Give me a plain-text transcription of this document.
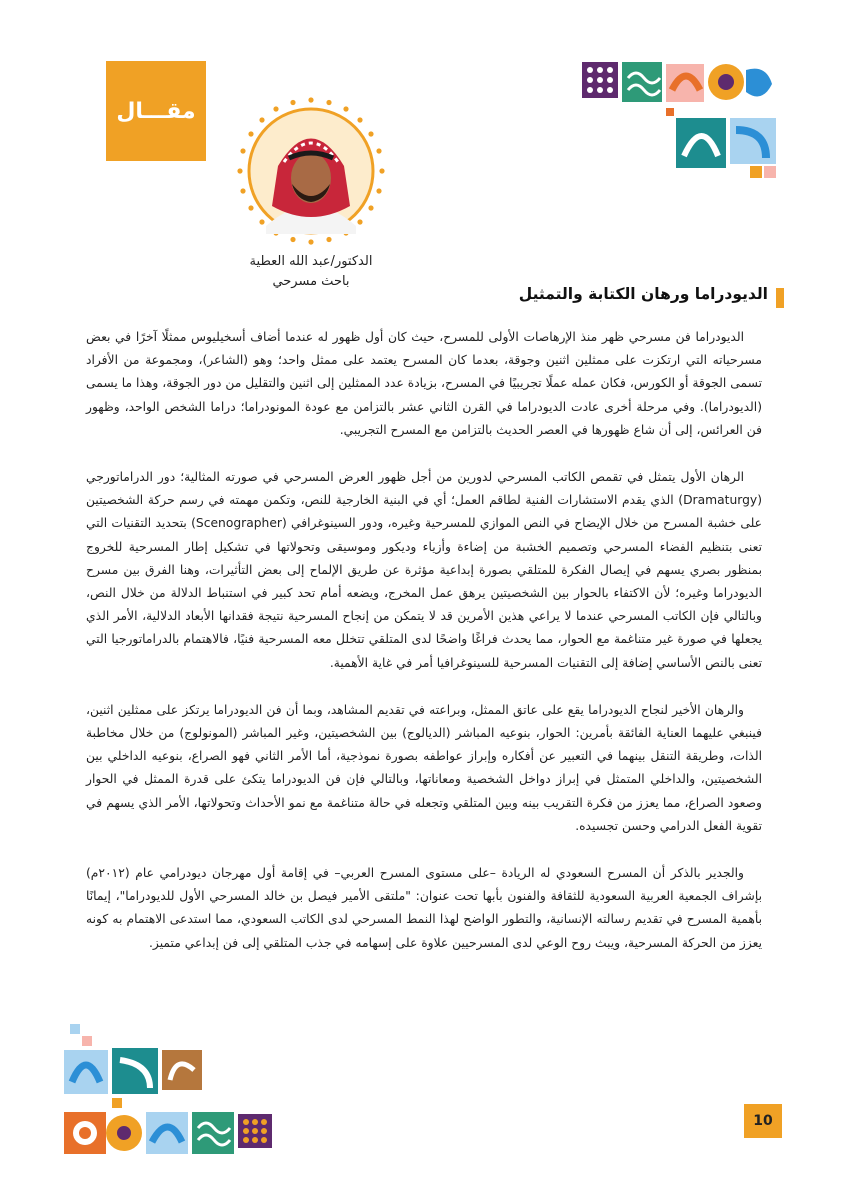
مقـــال
الدكتور/عبد الله العطية
باحث مسرحي
الديودراما ورهان الكتابة والتمثيل

الديودراما فن مسرحي ظهر منذ الإرهاصات الأولى للمسرح، حيث كان أول ظهور له عندما أضاف أسخيليوس ممثلًا آخرًا في بعض مسرحياته التي ارتكزت على ممثلين اثنين وجوقة، بعدما كان المسرح يعتمد على ممثل واحد؛ وهو (الشاعر)، ومجموعة من الأفراد تسمى الجوقة أو الكورس، فكان عمله عملًا تجريبيًا في المسرح، بزيادة عدد الممثلين إلى اثنين والتقليل من دور الجوقة، وهذا ما يسمى (الديودراما). وفي مرحلة أخرى عادت الديودراما في القرن الثاني عشر بالتزامن مع عودة المونودراما؛ دراما الشخص الواحد، وظهور فن العرائس، إلى أن شاع ظهورها في العصر الحديث بالتزامن مع المسرح التجريبي.

الرهان الأول يتمثل في تقمص الكاتب المسرحي لدورين من أجل ظهور العرض المسرحي في صورته المثالية؛ دور الدراماتورجي (Dramaturgy) الذي يقدم الاستشارات الفنية لطاقم العمل؛ أي في البنية الخارجية للنص، وتكمن مهمته في رسم حركة الشخصيتين على خشبة المسرح من خلال الإيضاح في النص الموازي للمسرحية وغيره، ودور السينوغرافي (Scenographer) بتحديد التقنيات التي تعنى بتنظيم الفضاء المسرحي وتصميم الخشبة من إضاءة وأزياء وديكور وموسيقى وتحولاتها في تشكيل إطار المسرحية للخروج بمنظور بصري يسهم في إيصال الفكرة للمتلقي بصورة إبداعية مؤثرة عن طريق الإلماح إلى بعض التأثيرات، وهنا الفرق بين مسرح الديودراما وغيره؛ لأن الاكتفاء بالحوار بين الشخصيتين يرهق عمل المخرج، ويضعه أمام تحد كبير في استنباط الدلالة من خلال النص، وبالتالي فإن الكاتب المسرحي عندما لا يراعي هذين الأمرين قد لا يتمكن من إنجاح المسرحية نتيجة فقدانها الأبعاد الدلالية، الأمر الذي يجعلها في صورة غير متناغمة مع الحوار، مما يحدث فراغًا واضحًا لدى المتلقي تتخلل معه المسرحية فنيًا، فالاهتمام بالدراماتورجيا التي تعنى بالنص الأساسي إضافة إلى التقنيات المسرحية للسينوغرافيا أمر في غاية الأهمية.

والرهان الأخير لنجاح الديودراما يقع على عاتق الممثل، وبراعته في تقديم المشاهد، وبما أن فن الديودراما يرتكز على ممثلين اثنين، فينبغي عليهما العناية الفائقة بأمرين: الحوار، بنوعيه المباشر (الديالوج) بين الشخصيتين، وغير المباشر (المونولوج) من خلال مخاطبة الذات، وطريقة التنقل بينهما في التعبير عن أفكاره وإبراز عواطفه بصورة نموذجية، أما الأمر الثاني فهو الصراع، بنوعيه الداخلي بين الشخصيتين، والداخلي المتمثل في إبراز دواخل الشخصية ومعاناتها، وبالتالي فإن فن الديودراما يتكئ على قدرة الممثل في الحوار وصعود الصراع، مما يعزز من فكرة التقريب بينه وبين المتلقي وتجعله في حالة متناغمة مع نمو الأحداث وتحولاتها، الأمر الذي يسهم في تقوية الفعل الدرامي وحسن تجسيده.

والجدير بالذكر أن المسرح السعودي له الريادة –على مستوى المسرح العربي– في إقامة أول مهرجان ديودرامي عام (٢٠١٢م) بإشراف الجمعية العربية السعودية للثقافة والفنون بأبها تحت عنوان: "ملتقى الأمير فيصل بن خالد المسرحي الأول للديودراما"، إيمانًا بأهمية المسرح في تقديم رسالته الإنسانية، والتطور الواضح لهذا النمط المسرحي لدى الكاتب السعودي، مما استدعى الاهتمام به كونه يعزز من الحركة المسرحية، ويبث روح الوعي لدى المسرحيين علاوة على إسهامه في جذب المتلقي إلى فن إبداعي متميز.

10
